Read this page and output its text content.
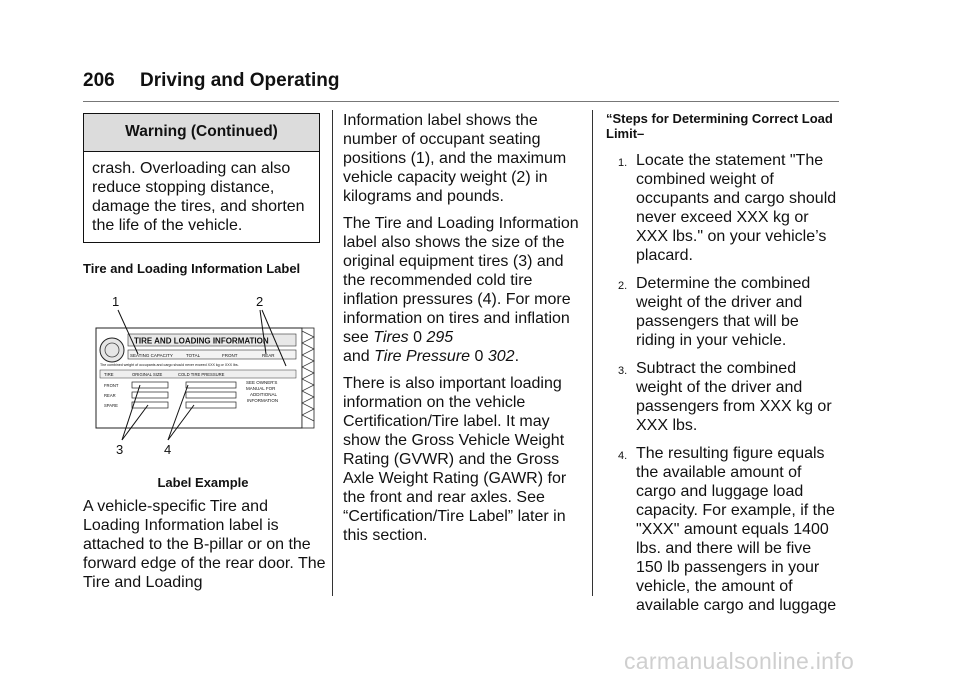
206 Driving and Operating
Warning (Continued)
crash. Overloading can also reduce stopping distance, damage the tires, and shorten the life of the vehicle.
Tire and Loading Information Label
1	2
3	4
TIRE AND LOADING INFORMATION
SEATING CAPACITY	TOTAL	FRONT	REAR
The combined weight of occupants and cargo should never exceed XXX kg or XXX lbs.
TIRE	ORIGINAL SIZE	COLD TIRE PRESSURE
FRONT
REAR
SPARE
SEE OWNER'S
MANUAL FOR
ADDITIONAL
INFORMATION
Label Example

A vehicle-specific Tire and Loading Information label is attached to the B-pillar or on the forward edge of the rear door. The Tire and Loading

Information label shows the number of occupant seating positions (1), and the maximum vehicle capacity weight (2) in kilograms and pounds.

The Tire and Loading Information label also shows the size of the original equipment tires (3) and the recommended cold tire inflation pressures (4). For more information on tires and inflation see Tires 0 295
and Tire Pressure 0 302.

There is also important loading information on the vehicle Certification/Tire label. It may show the Gross Vehicle Weight Rating (GVWR) and the Gross Axle Weight Rating (GAWR) for the front and rear axles. See “Certification/Tire Label” later in this section.

“Steps for Determining Correct Load Limit–
1. Locate the statement "The combined weight of occupants and cargo should never exceed XXX kg or XXX lbs." on your vehicle’s placard.
2. Determine the combined weight of the driver and passengers that will be riding in your vehicle.
3. Subtract the combined weight of the driver and passengers from XXX kg or XXX lbs.
4. The resulting figure equals the available amount of cargo and luggage load capacity. For example, if the "XXX" amount equals 1400 lbs. and there will be five 150 lb passengers in your vehicle, the amount of available cargo and luggage
carmanualsonline.info
